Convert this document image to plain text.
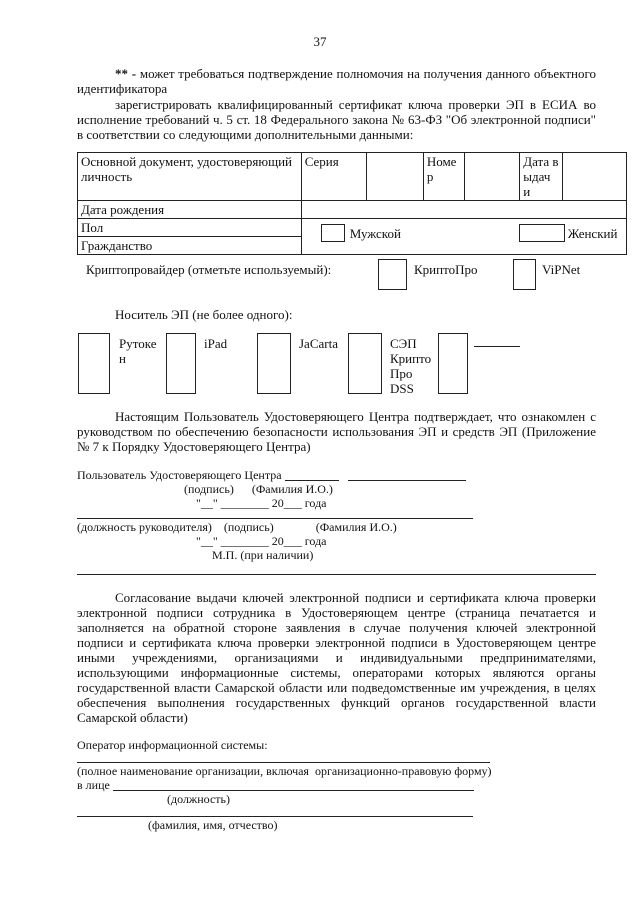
37
** - может требоваться подтверждение полномочия на получения данного объектного идентификатора
зарегистрировать квалифицированный сертификат ключа проверки ЭП в ЕСИА во исполнение требований ч. 5 ст. 18 Федерального закона № 63-ФЗ "Об электронной подписи" в соответствии со следующими дополнительными данными:
Основной документ, удостоверяющий личность	Серия		Номе р		Дата выдач и	
Дата рождения						
Пол	Мужской Женский					

Гражданство						
Криптопровайдер (отметьте используемый):	КриптоПро	ViPNet
Носитель ЭП (не более одного):
Рутоке н
iPad	JaCarta	СЭП Крипто Про DSS
Настоящим Пользователь Удостоверяющего Центра подтверждает, что ознакомлен с руководством по обеспечению безопасности использования ЭП и средств ЭП (Приложение № 7 к Порядку Удостоверяющего Центра)
Пользователь Удостоверяющего Центра
(подпись)      (Фамилия И.О.)
"__" ________ 20___ года
(должность руководителя)    (подпись)              (Фамилия И.О.)
"__" ________ 20___ года
М.П. (при наличии)
Согласование выдачи ключей электронной подписи и сертификата ключа проверки электронной подписи сотрудника в Удостоверяющем центре (страница печатается и заполняется на обратной стороне заявления в случае получения ключей электронной подписи и сертификата ключа проверки электронной подписи в Удостоверяющем центре иными учреждениями, организациями и индивидуальными предпринимателями, использующими информационные системы, операторами которых являются органы государственной власти Самарской области или подведомственные им учреждения, в целях обеспечения выполнения государственных функций органов государственной власти Самарской области)
Оператор информационной системы:
(полное наименование организации, включая  организационно-правовую форму)
в лице
(должность)
(фамилия, имя, отчество)
